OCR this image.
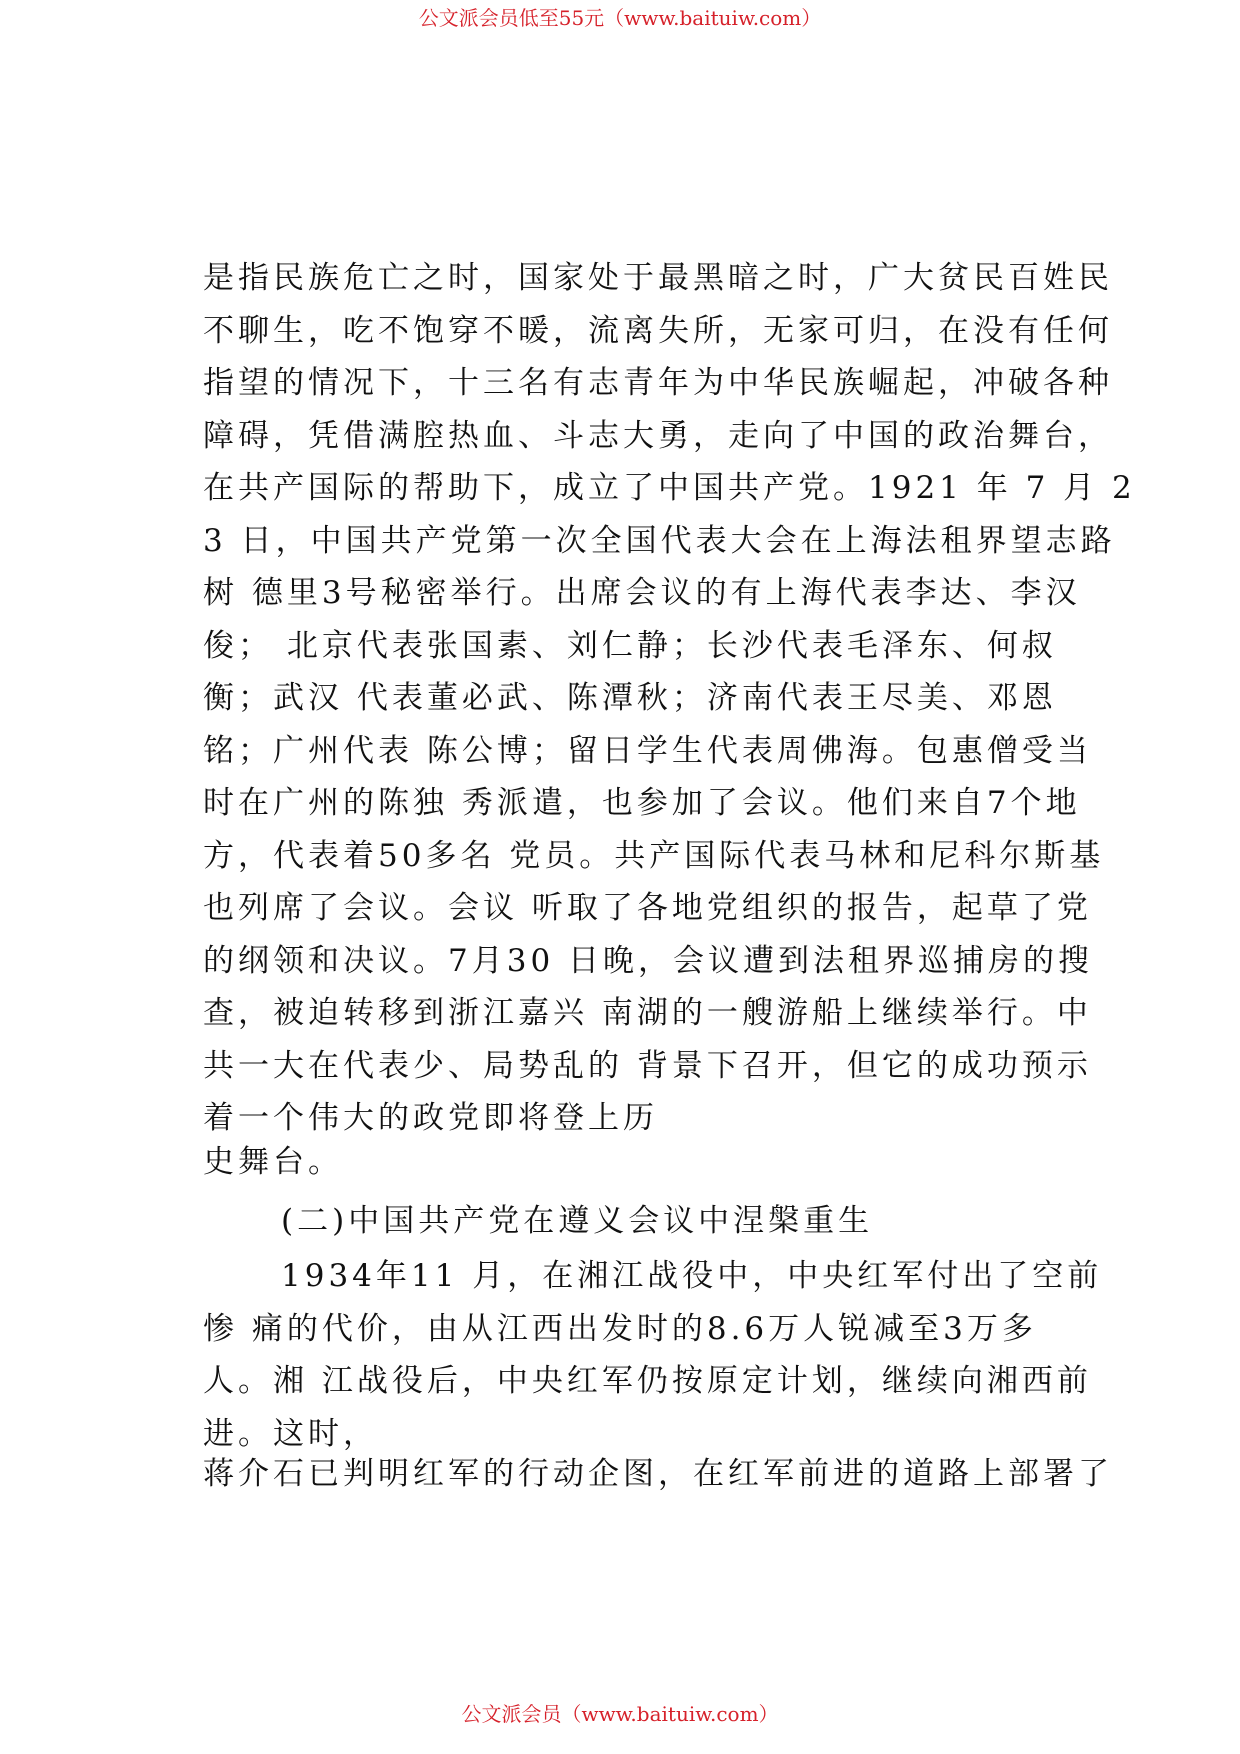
公文派会员低至55元（www.baituiw.com）
是指民族危亡之时，国家处于最黑暗之时，广大贫民百姓民
不聊生，吃不饱穿不暖，流离失所，无家可归，在没有任何
指望的情况下，十三名有志青年为中华民族崛起，冲破各种
障碍，凭借满腔热血、斗志大勇，走向了中国的政治舞台，
在共产国际的帮助下，成立了中国共产党。1921 年 7 月 2
3 日，中国共产党第一次全国代表大会在上海法租界望志路
树 德里3号秘密举行。出席会议的有上海代表李达、李汉
俊； 北京代表张国素、刘仁静；长沙代表毛泽东、何叔
衡；武汉 代表董必武、陈潭秋；济南代表王尽美、邓恩
铭；广州代表 陈公博；留日学生代表周佛海。包惠僧受当
时在广州的陈独 秀派遣，也参加了会议。他们来自7个地
方，代表着50多名 党员。共产国际代表马林和尼科尔斯基
也列席了会议。会议 听取了各地党组织的报告，起草了党
的纲领和决议。7月30 日晚，会议遭到法租界巡捕房的搜
查，被迫转移到浙江嘉兴 南湖的一艘游船上继续举行。中
共一大在代表少、局势乱的 背景下召开，但它的成功预示
着一个伟大的政党即将登上历
史舞台。
(二)中国共产党在遵义会议中涅槃重生
1934年11 月，在湘江战役中，中央红军付出了空前
惨 痛的代价，由从江西出发时的8.6万人锐减至3万多
人。湘 江战役后，中央红军仍按原定计划，继续向湘西前
进。这时，
蒋介石已判明红军的行动企图，在红军前进的道路上部署了
公文派会员（www.baituiw.com）
